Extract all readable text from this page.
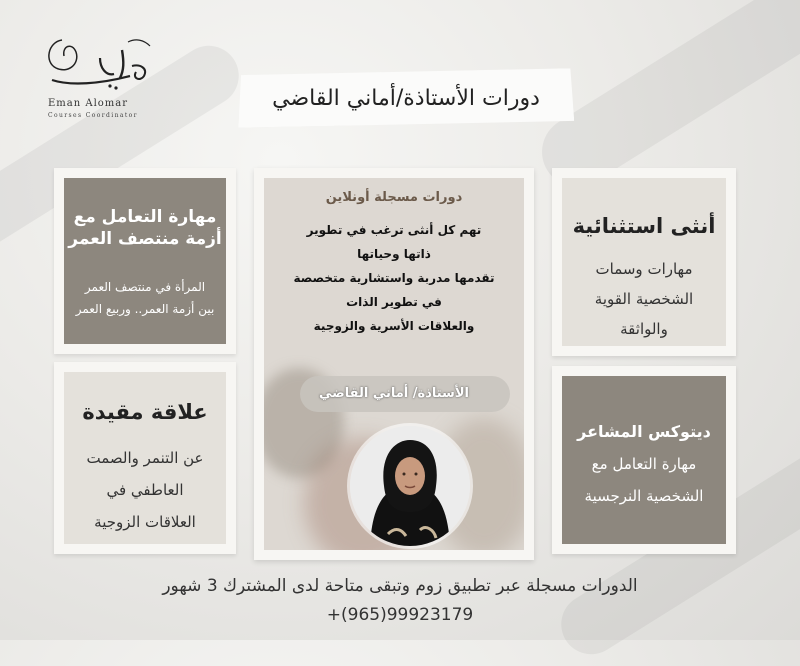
Eman Alomar
Courses Coordinator
دورات الأستاذة/أماني القاضي
مهارة التعامل مع
أزمة منتصف العمر
المرأة في منتصف العمر
بين أزمة العمر.. وربيع العمر
علاقة مقيدة
عن التنمر والصمت
العاطفي في
العلاقات الزوجية
أنثى استثنائية
مهارات وسمات
الشخصية القوية
والواثقة
ديتوكس المشاعر
مهارة التعامل مع
الشخصية النرجسية
دورات مسجلة أونلاين
تهم كل أنثى ترغب في تطوير
ذاتها وحياتها
تقدمها مدربة واستشارية متخصصة
في تطوير الذات
والعلاقات الأسرية والزوجية
الأستاذة/ أماني القاضي
الدورات مسجلة عبر تطبيق زوم وتبقى متاحة لدى المشترك 3 شهور
+(965)99923179
